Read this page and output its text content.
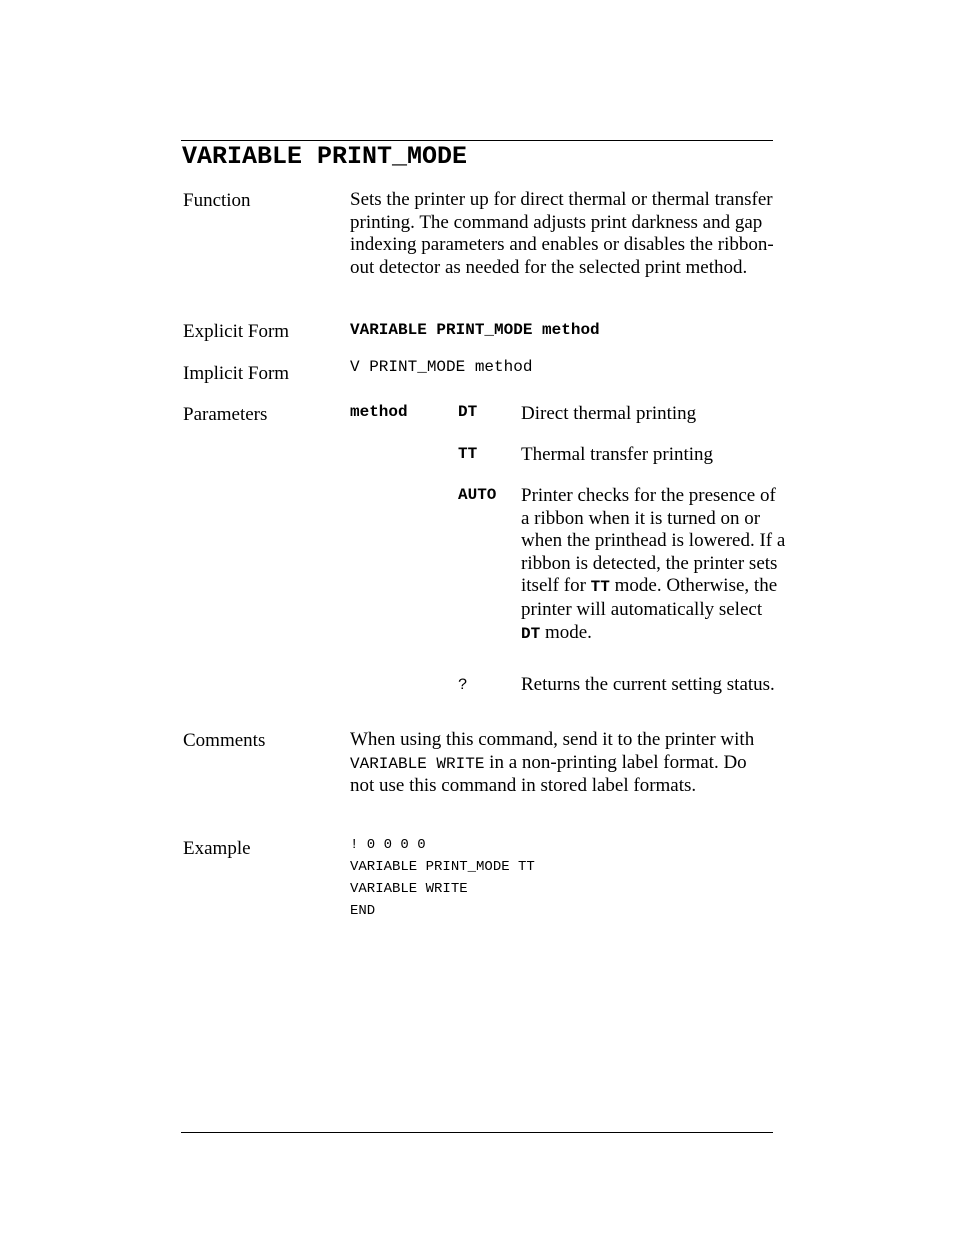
VARIABLE PRINT_MODE
Function	Sets the printer up for direct thermal or thermal transfer printing. The command adjusts print darkness and gap indexing parameters and enables or disables the ribbon-out detector as needed for the selected print method.
Explicit Form	VARIABLE PRINT_MODE method
Implicit Form	V PRINT_MODE method
Parameters	method	DT Direct thermal printing
TT Thermal transfer printing
AUTO Printer checks for the presence of a ribbon when it is turned on or when the printhead is lowered. If a ribbon is detected, the printer sets itself for TT mode. Otherwise, the printer will automatically select DT mode.
?	Returns the current setting status.
Comments	When using this command, send it to the printer with VARIABLE WRITE in a non-printing label format. Do not use this command in stored label formats.
Example	! 0 0 0 0
VARIABLE PRINT_MODE TT
VARIABLE WRITE
END
